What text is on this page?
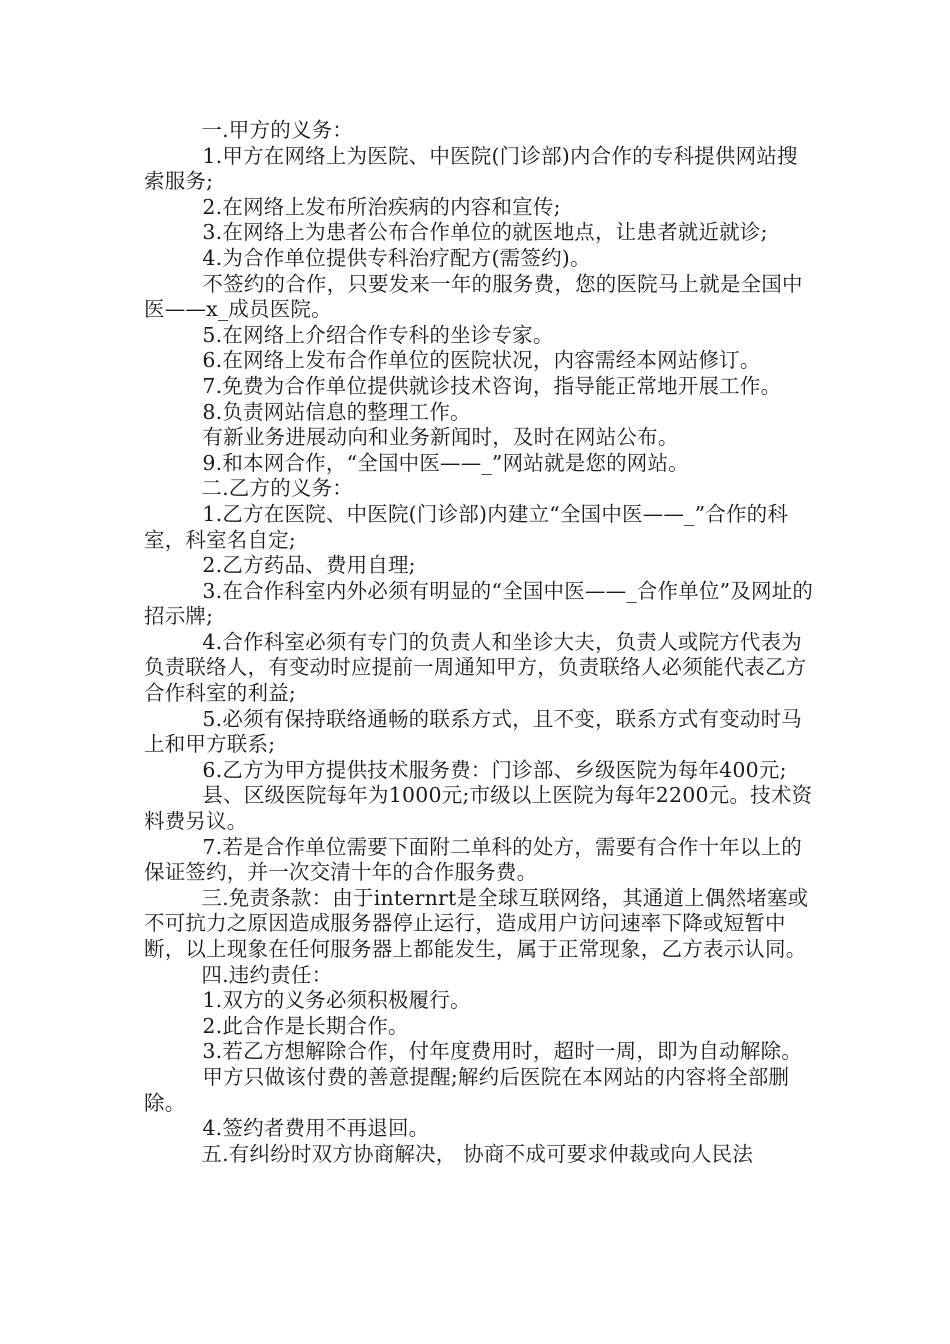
一.甲方的义务：

1.甲方在网络上为医院、中医院(门诊部)内合作的专科提供网站搜索服务;

2.在网络上发布所治疾病的内容和宣传;

3.在网络上为患者公布合作单位的就医地点，让患者就近就诊;

4.为合作单位提供专科治疗配方(需签约)。

不签约的合作，只要发来一年的服务费，您的医院马上就是全国中医——x_成员医院。

5.在网络上介绍合作专科的坐诊专家。

6.在网络上发布合作单位的医院状况，内容需经本网站修订。

7.免费为合作单位提供就诊技术咨询，指导能正常地开展工作。

8.负责网站信息的整理工作。

有新业务进展动向和业务新闻时，及时在网站公布。

9.和本网合作，“全国中医——_”网站就是您的网站。

二.乙方的义务：

1.乙方在医院、中医院(门诊部)内建立“全国中医——_”合作的科室，科室名自定;

2.乙方药品、费用自理;

3.在合作科室内外必须有明显的“全国中医——_合作单位”及网址的招示牌;

4.合作科室必须有专门的负责人和坐诊大夫，负责人或院方代表为负责联络人，有变动时应提前一周通知甲方，负责联络人必须能代表乙方合作科室的利益;

5.必须有保持联络通畅的联系方式，且不变，联系方式有变动时马上和甲方联系;

6.乙方为甲方提供技术服务费：门诊部、乡级医院为每年400元;

县、区级医院每年为1000元;市级以上医院为每年2200元。技术资料费另议。

7.若是合作单位需要下面附二单科的处方，需要有合作十年以上的保证签约，并一次交清十年的合作服务费。

三.免责条款：由于internrt是全球互联网络，其通道上偶然堵塞或不可抗力之原因造成服务器停止运行，造成用户访问速率下降或短暂中断，以上现象在任何服务器上都能发生，属于正常现象，乙方表示认同。

四.违约责任：

1.双方的义务必须积极履行。

2.此合作是长期合作。

3.若乙方想解除合作，付年度费用时，超时一周，即为自动解除。

甲方只做该付费的善意提醒;解约后医院在本网站的内容将全部删除。

4.签约者费用不再退回。

五.有纠纷时双方协商解决， 协商不成可要求仲裁或向人民法
